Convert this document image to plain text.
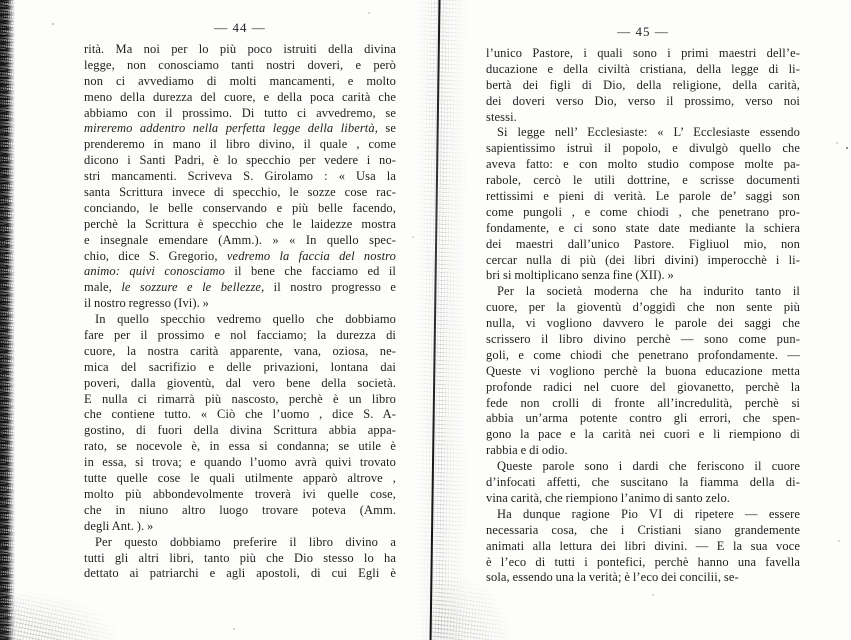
— 44 —
rità. Ma noi per lo più poco istruiti della divina
legge, non conosciamo tanti nostri doveri, e però
non ci avvediamo di molti mancamenti, e molto
meno della durezza del cuore, e della poca carità che
abbiamo con il prossimo. Di tutto ci avvedremo, se
mireremo addentro nella perfetta legge della libertà, se
prenderemo in mano il libro divino, il quale , come
dicono i Santi Padri, è lo specchio per vedere i no-
stri mancamenti. Scriveva S. Girolamo : « Usa la
santa Scrittura invece di specchio, le sozze cose rac-
conciando, le belle conservando e più belle facendo,
perchè la Scrittura è specchio che le laidezze mostra
e insegnale emendare (Amm.). » « In quello spec-
chio, dice S. Gregorio, vedremo la faccia del nostro
animo: quivi conosciamo il bene che facciamo ed il
male, le sozzure e le bellezze, il nostro progresso e
il nostro regresso (Ivi). »
In quello specchio vedremo quello che dobbiamo
fare per il prossimo e nol facciamo; la durezza di
cuore, la nostra carità apparente, vana, oziosa, ne-
mica del sacrifizio e delle privazioni, lontana dai
poveri, dalla gioventù, dal vero bene della società.
E nulla ci rimarrà più nascosto, perchè è un libro
che contiene tutto. « Ciò che l’uomo , dice S. A-
gostino, di fuori della divina Scrittura abbia appa-
rato, se nocevole è, in essa si condanna; se utile è
in essa, si trova; e quando l’uomo avrà quivi trovato
tutte quelle cose le quali utilmente apparò altrove ,
molto più abbondevolmente troverà ivi quelle cose,
che in niuno altro luogo trovare poteva (Amm.
degli Ant. ). »
Per questo dobbiamo preferire il libro divino a
tutti gli altri libri, tanto più che Dio stesso lo ha
dettato ai patriarchi e agli apostoli, di cui Egli è
— 45 —
l’unico Pastore, i quali sono i primi maestri dell’e-
ducazione e della civiltà cristiana, della legge di li-
bertà dei figli di Dio, della religione, della carità,
dei doveri verso Dio, verso il prossimo, verso noi
stessi.
Si legge nell’ Ecclesiaste: « L’ Ecclesiaste essendo
sapientissimo istruì il popolo, e divulgò quello che
aveva fatto: e con molto studio compose molte pa-
rabole, cercò le utili dottrine, e scrisse documenti
rettissimi e pieni di verità. Le parole de’ saggi son
come pungoli , e come chiodi , che penetrano pro-
fondamente, e ci sono state date mediante la schiera
dei maestri dall’unico Pastore. Figliuol mio, non
cercar nulla di più (dei libri divini) imperocchè i li-
bri si moltiplicano senza fine (XII). »
Per la società moderna che ha indurito tanto il
cuore, per la gioventù d’oggidì che non sente più
nulla, vi vogliono davvero le parole dei saggi che
scrissero il libro divino perchè — sono come pun-
goli, e come chiodi che penetrano profondamente. —
Queste vi vogliono perchè la buona educazione metta
profonde radici nel cuore del giovanetto, perchè la
fede non crolli di fronte all’incredulità, perchè si
abbia un’arma potente contro gli errori, che spen-
gono la pace e la carità nei cuori e li riempiono di
rabbia e di odio.
Queste parole sono i dardi che feriscono il cuore
d’infocati affetti, che suscitano la fiamma della di-
vina carità, che riempiono l’animo di santo zelo.
Ha dunque ragione Pio VI di ripetere — essere
necessaria cosa, che i Cristiani siano grandemente
animati alla lettura dei libri divini. — E la sua voce
è l’eco di tutti i pontefici, perchè hanno una favella
sola, essendo una la verità; è l’eco dei concilii, se-
